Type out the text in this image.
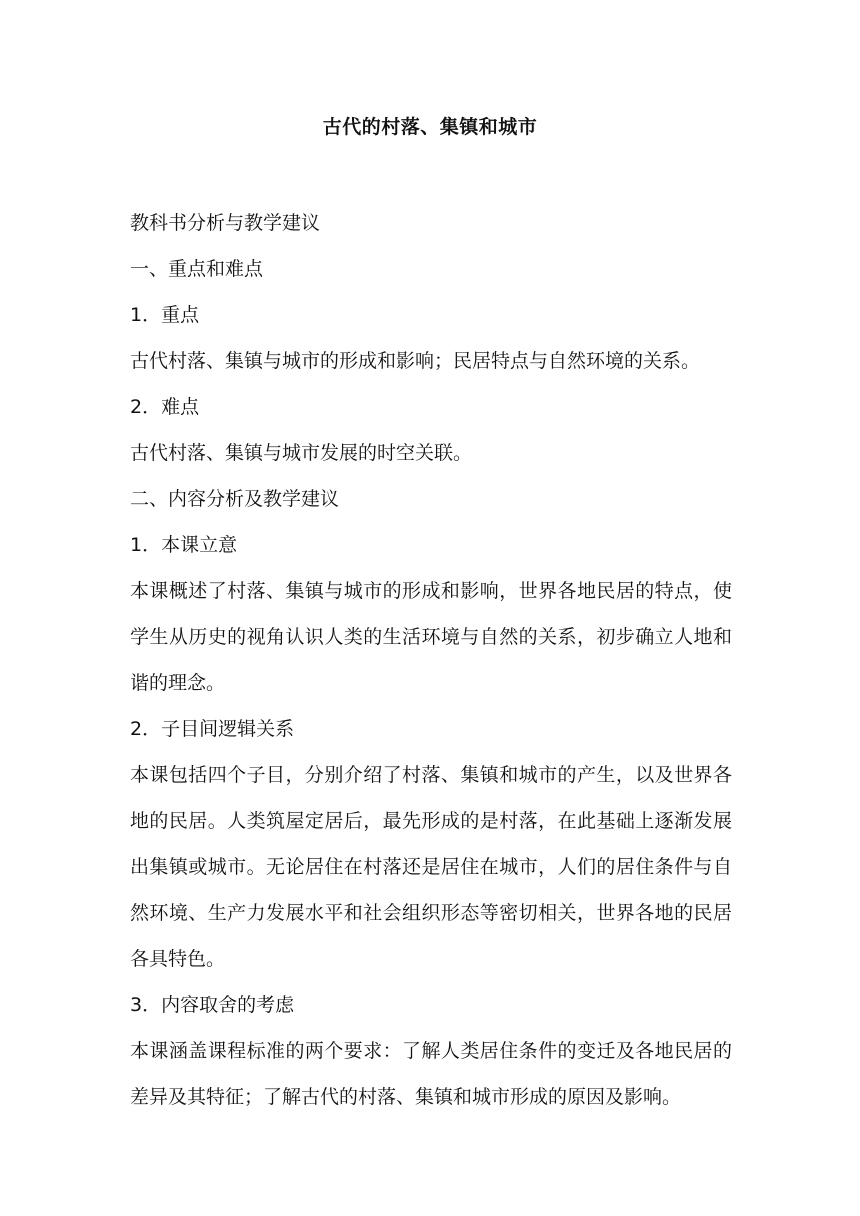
古代的村落、集镇和城市
教科书分析与教学建议
一、重点和难点
1．重点
古代村落、集镇与城市的形成和影响；民居特点与自然环境的关系。
2．难点
古代村落、集镇与城市发展的时空关联。
二、内容分析及教学建议
1．本课立意
本课概述了村落、集镇与城市的形成和影响，世界各地民居的特点，使学生从历史的视角认识人类的生活环境与自然的关系，初步确立人地和谐的理念。
2．子目间逻辑关系
本课包括四个子目，分别介绍了村落、集镇和城市的产生，以及世界各地的民居。人类筑屋定居后，最先形成的是村落，在此基础上逐渐发展出集镇或城市。无论居住在村落还是居住在城市，人们的居住条件与自然环境、生产力发展水平和社会组织形态等密切相关，世界各地的民居各具特色。
3．内容取舍的考虑
本课涵盖课程标准的两个要求：了解人类居住条件的变迁及各地民居的差异及其特征；了解古代的村落、集镇和城市形成的原因及影响。
